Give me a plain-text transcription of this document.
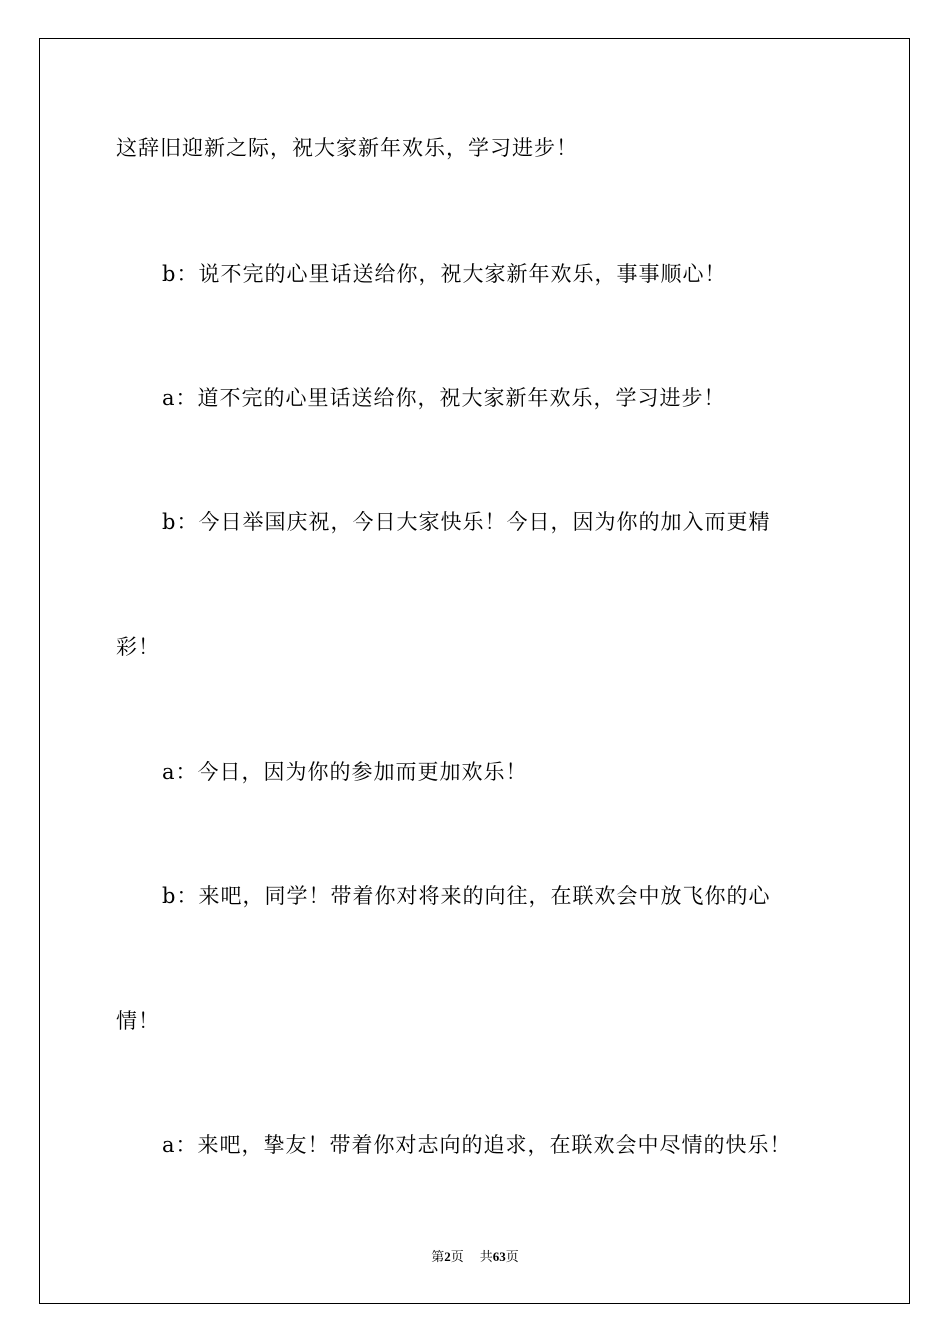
这辞旧迎新之际，祝大家新年欢乐，学习进步！
b：说不完的心里话送给你，祝大家新年欢乐，事事顺心！
a：道不完的心里话送给你，祝大家新年欢乐，学习进步！
b：今日举国庆祝，今日大家快乐！今日，因为你的加入而更精
彩！
a：今日，因为你的参加而更加欢乐！
b：来吧，同学！带着你对将来的向往，在联欢会中放飞你的心
情！
a：来吧，挚友！带着你对志向的追求，在联欢会中尽情的快乐！
第2页 共63页
